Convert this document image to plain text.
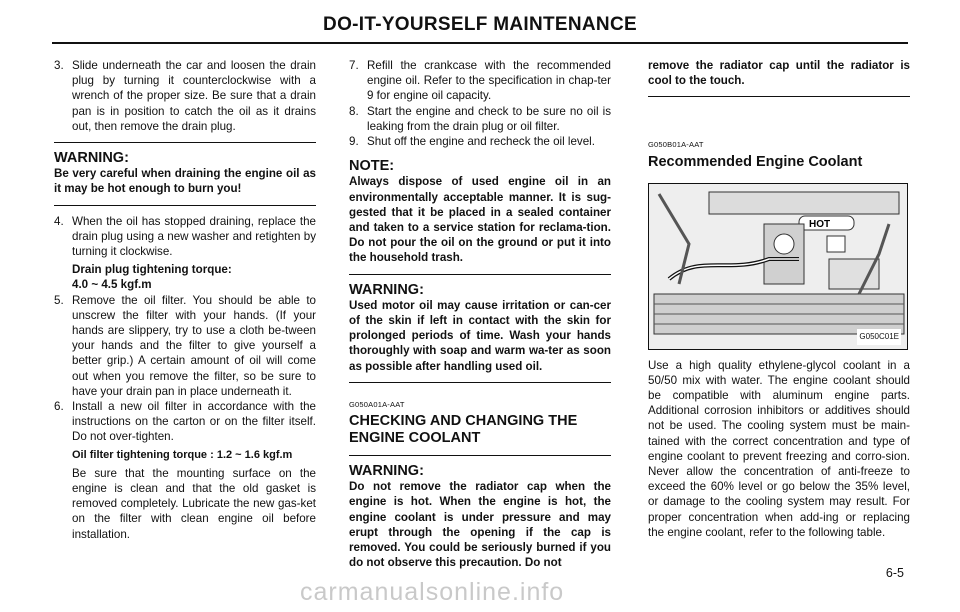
DO-IT-YOURSELF MAINTENANCE
3. Slide underneath the car and loosen the drain plug by turning it counterclockwise with a wrench of the proper size. Be sure that a drain pan is in position to catch the oil as it drains out, then remove the drain plug.
WARNING:
Be very careful when draining the engine oil as it may be hot enough to burn you!
4. When the oil has stopped draining, replace the drain plug using a new washer and retighten by turning it clockwise.
Drain plug tightening torque:
4.0 ~ 4.5 kgf.m
5. Remove the oil filter. You should be able to unscrew the filter with your hands. (If your hands are slippery, try to use a cloth be-tween your hands and the filter to give yourself a better grip.) A certain amount of oil will come out when you remove the filter, so be sure to have your drain pan in place underneath it.
6. Install a new oil filter in accordance with the instructions on the carton or on the filter itself. Do not over-tighten.
Oil filter tightening torque : 1.2 ~ 1.6 kgf.m
Be sure that the mounting surface on the engine is clean and that the old gasket is removed completely. Lubricate the new gas-ket on the filter with clean engine oil before installation.
7. Refill the crankcase with the recommended engine oil. Refer to the specification in chap-ter 9 for engine oil capacity.
8. Start the engine and check to be sure no oil is leaking from the drain plug or oil filter.
9. Shut off the engine and recheck the oil level.
NOTE:
Always dispose of used engine oil in an environmentally acceptable manner. It is sug-gested that it be placed in a sealed container and taken to a service station for reclama-tion. Do not pour the oil on the ground or put it into the household trash.
WARNING:
Used motor oil may cause irritation or can-cer of the skin if left in contact with the skin for prolonged periods of time. Wash your hands thoroughly with soap and warm wa-ter as soon as possible after handling used oil.
G050A01A-AAT
CHECKING AND CHANGING THE ENGINE COOLANT
WARNING:
Do not remove the radiator cap when the engine is hot. When the engine is hot, the engine coolant is under pressure and may erupt through the opening if the cap is removed. You could be seriously burned if you do not observe this precaution. Do not
remove the radiator cap until the radiator is cool to the touch.
G050B01A-AAT
Recommended Engine Coolant
HOT
G050C01E
Use a high quality ethylene-glycol coolant in a 50/50 mix with water. The engine coolant should be compatible with aluminum engine parts. Additional corrosion inhibitors or additives should not be used. The cooling system must be main-tained with the correct concentration and type of engine coolant to prevent freezing and corro-sion. Never allow the concentration of anti-freeze to exceed the 60% level or go below the 35% level, or damage to the cooling system may result. For proper concentration when add-ing or replacing the engine coolant, refer to the following table.
6-5
carmanualsonline.info
